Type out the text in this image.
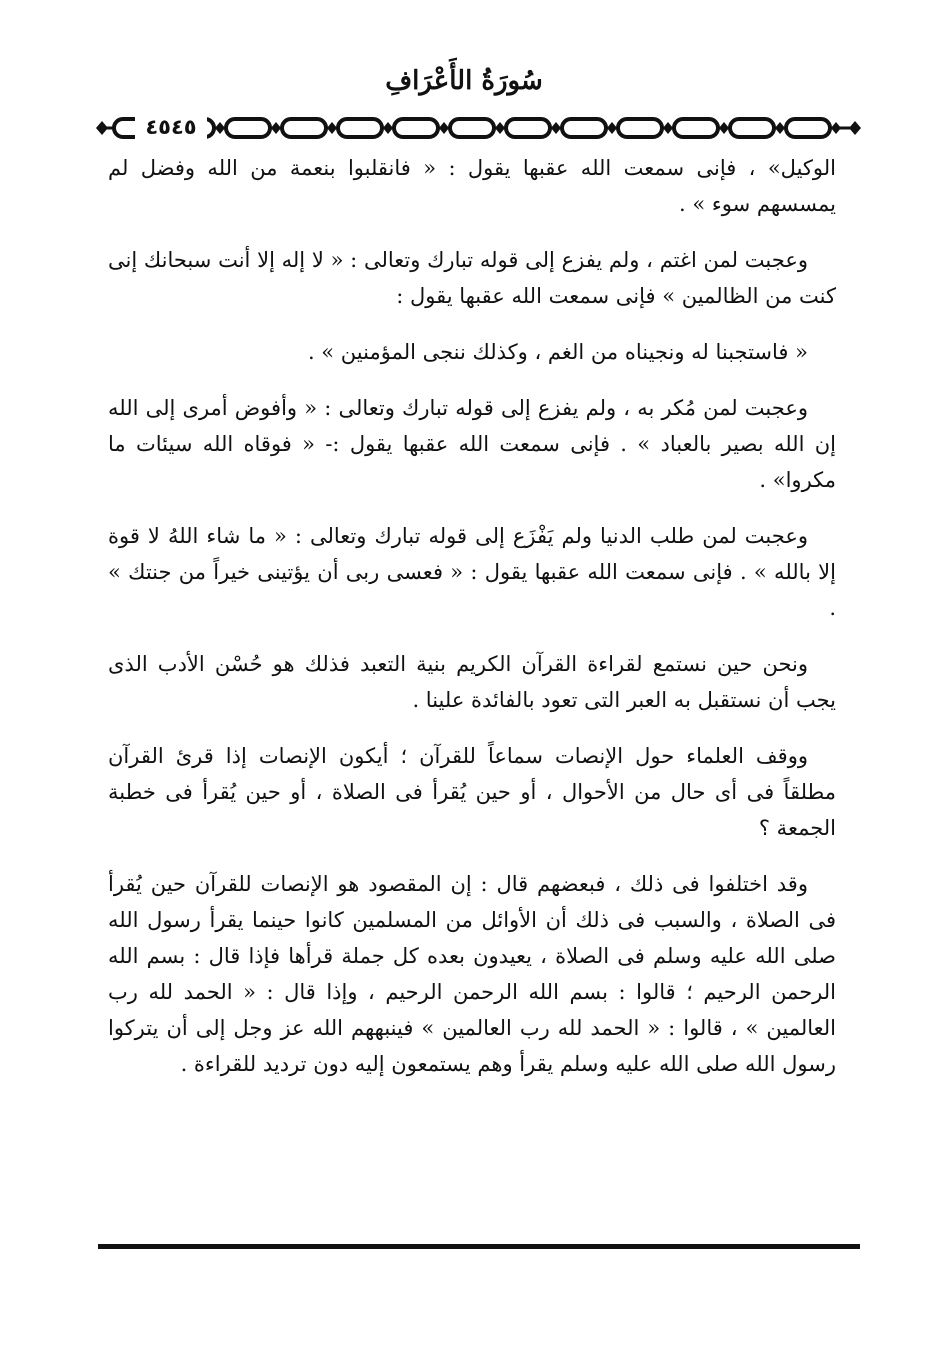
سُورَةُ الأَعْرَافِ
٤٥٤٥

الوكيل» ، فإنى سمعت الله عقبها يقول : « فانقلبوا بنعمة من الله وفضل لم يمسسهم سوء » .

وعجبت لمن اغتم ، ولم يفزع إلى قوله تبارك وتعالى : « لا إله إلا أنت سبحانك إنى كنت من الظالمين » فإنى سمعت الله عقبها يقول :

« فاستجبنا له ونجيناه من الغم ، وكذلك ننجى المؤمنين » .

وعجبت لمن مُكر به ، ولم يفزع إلى قوله تبارك وتعالى : « وأفوض أمرى إلى الله إن الله بصير بالعباد » . فإنى سمعت الله عقبها يقول :- « فوقاه الله سيئات ما مكروا» .

وعجبت لمن طلب الدنيا ولم يَفْزَع إلى قوله تبارك وتعالى : « ما شاء اللهُ لا قوة إلا بالله » . فإنى سمعت الله عقبها يقول : « فعسى ربى أن يؤتينى خيراً من جنتك » .

ونحن حين نستمع لقراءة القرآن الكريم بنية التعبد فذلك هو حُسْن الأدب الذى يجب أن نستقبل به العبر التى تعود بالفائدة علينا .

ووقف العلماء حول الإنصات سماعاً للقرآن ؛ أيكون الإنصات إذا قرئ القرآن مطلقاً فى أى حال من الأحوال ، أو حين يُقرأ فى الصلاة ، أو حين يُقرأ فى خطبة الجمعة ؟

وقد اختلفوا فى ذلك ، فبعضهم قال : إن المقصود هو الإنصات للقرآن حين يُقرأ فى الصلاة ، والسبب فى ذلك أن الأوائل من المسلمين كانوا حينما يقرأ رسول الله صلى الله عليه وسلم فى الصلاة ، يعيدون بعده كل جملة قرأها فإذا قال : بسم الله الرحمن الرحيم ؛ قالوا : بسم الله الرحمن الرحيم ، وإذا قال : « الحمد لله رب العالمين » ، قالوا : « الحمد لله رب العالمين » فينبههم الله عز وجل إلى أن يتركوا رسول الله صلى الله عليه وسلم يقرأ وهم يستمعون إليه دون ترديد للقراءة .
